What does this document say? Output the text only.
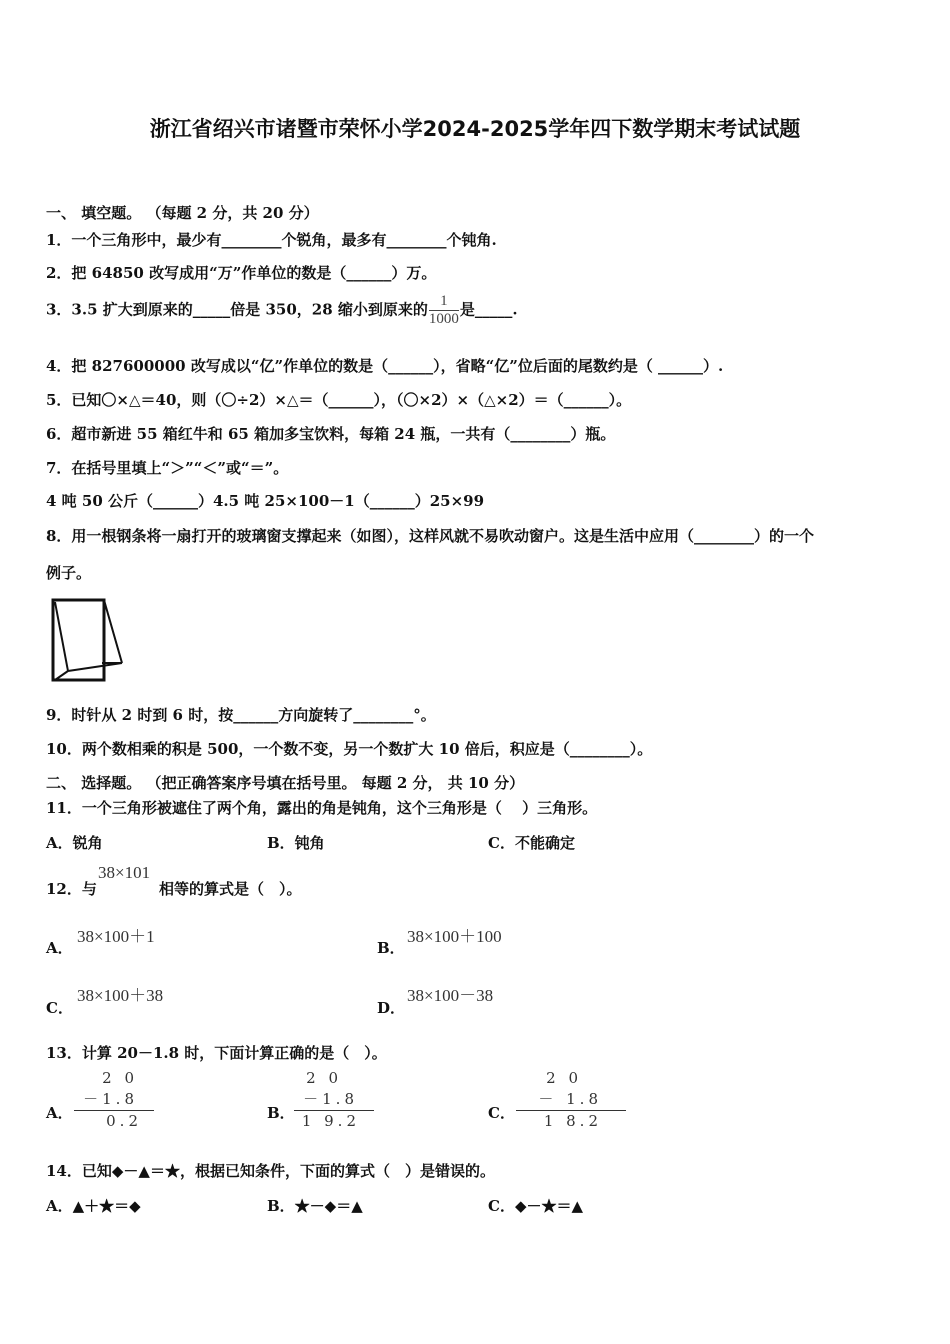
浙江省绍兴市诸暨市荣怀小学2024-2025学年四下数学期末考试试题
一、 填空题。 （每题 2 分，共 20 分）
1．一个三角形中，最少有________个锐角，最多有________个钝角.
2．把 64850 改写成用“万”作单位的数是（______）万。
3．3.5 扩大到原来的_____倍是 350，28 缩小到原来的 $\frac{1}{1000}$ 是_____.
4．把 827600000 改写成以“亿”作单位的数是（______），省略“亿”位后面的尾数约是（ ______）.
5．已知〇×△＝40，则（〇÷2）×△＝（______），（〇×2）×（△×2）＝（______）。
6．超市新进 55 箱红牛和 65 箱加多宝饮料，每箱 24 瓶，一共有（________）瓶。
7．在括号里填上“＞”“＜”或“＝”。
4 吨 50 公斤（______）4.5 吨 25×100－1（______）25×99
8．用一根钢条将一扇打开的玻璃窗支撑起来（如图），这样风就不易吹动窗户。这是生活中应用（________）的一个
例子。
9．时针从 2 时到 6 时，按______方向旋转了________°。
10．两个数相乘的积是 500，一个数不变，另一个数扩大 10 倍后，积应是（________）。
二、 选择题。 （把正确答案序号填在括号里。 每题 2 分， 共 10 分）
11．一个三角形被遮住了两个角，露出的角是钝角，这个三角形是（　 ）三角形。
A．锐角	B．钝角	C．不能确定
12．与
38×101
相等的算式是（　）。
A．
38×100＋1
B．
38×100＋100
C．
38×100＋38
D．
38×100－38
13．计算 20－1.8 时，下面计算正确的是（　）。
A．
2 0
－1.8
0.2	B．
2 0
－1.8
1 9.2	C．
2 0
－ 1.8
1 8.2
14．已知◆－▲＝★，根据已知条件，下面的算式（　）是错误的。
A．▲＋★＝◆	B．★－◆＝▲	C．◆－★＝▲
